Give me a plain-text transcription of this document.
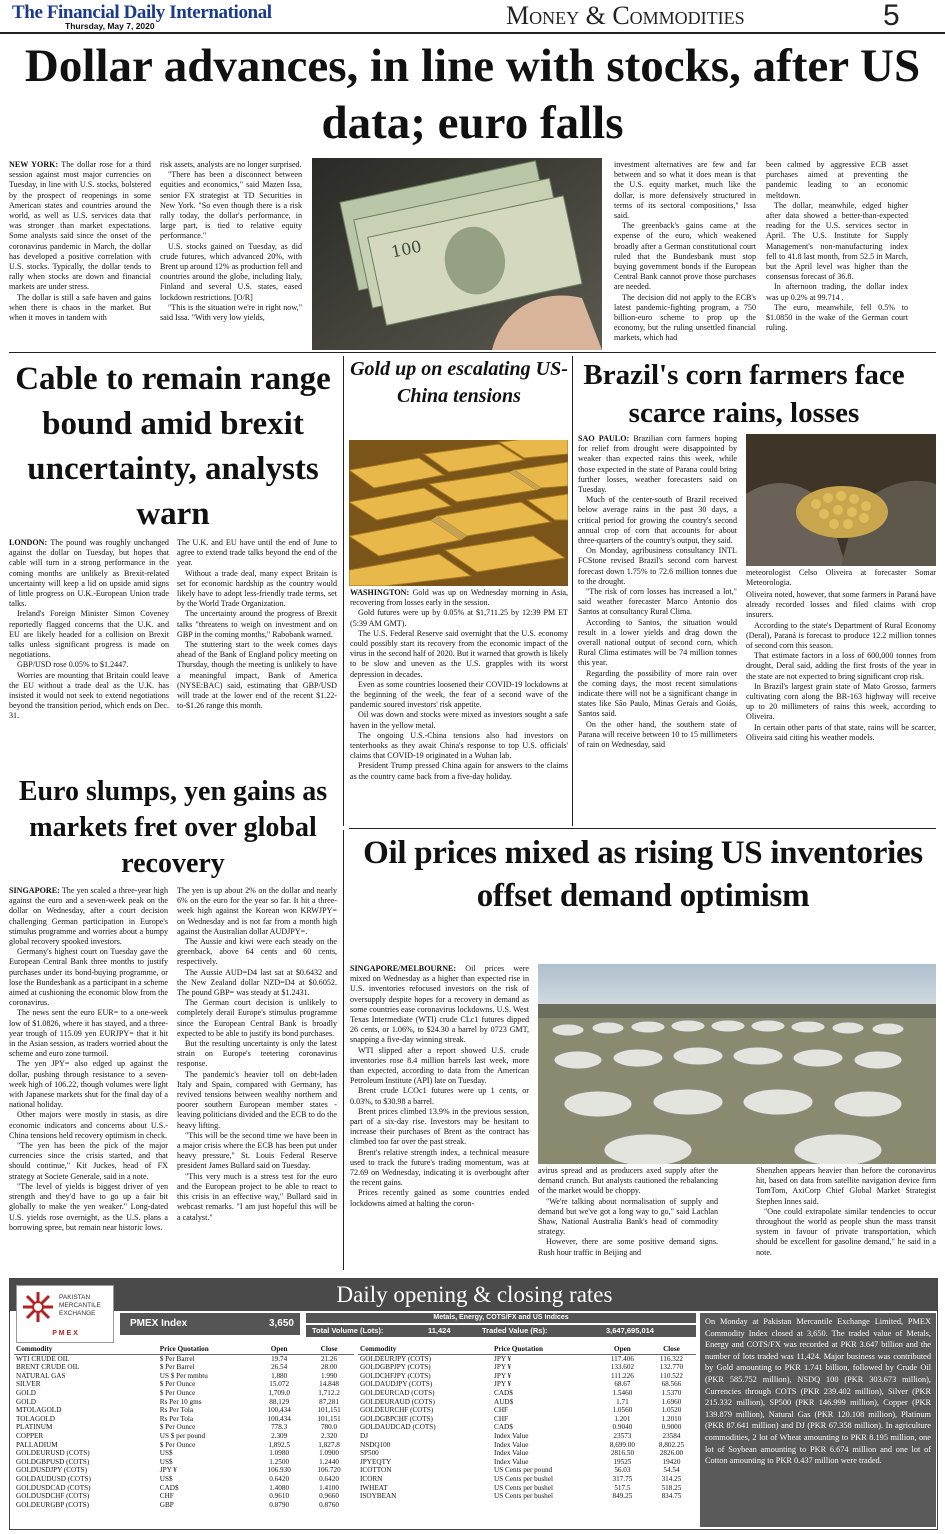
The Financial Daily International
Thursday, May 7, 2020	Money & Commodities	5
Dollar advances, in line with stocks, after US data; euro falls

NEW YORK: The dollar rose for a third session against most major currencies on Tuesday, in line with U.S. stocks, bolstered by the prospect of reopenings in some American states and countries around the world, as well as U.S. services data that was stronger than market expectations. Some analysts said since the onset of the coronavirus pandemic in March, the dollar has developed a positive correlation with U.S. stocks. Typically, the dollar tends to rally when stocks are down and financial markets are under stress.

The dollar is still a safe haven and gains when there is chaos in the market. But when it moves in tandem with

risk assets, analysts are no longer surprised.

"There has been a disconnect between equities and economics," said Mazen Issa, senior FX strategist at TD Securities in New York. "So even though there is a risk rally today, the dollar's performance, in large part, is tied to relative equity performance."

U.S. stocks gained on Tuesday, as did crude futures, which advanced 20%, with Brent up around 12% as production fell and countries around the globe, including Italy, Finland and several U.S. states, eased lockdown restrictions. [O/R]

"This is the situation we're in right now," said Issa. "With very low yields,

100

investment alternatives are few and far between and so what it does mean is that the U.S. equity market, much like the dollar, is more defensively structured in terms of its sectoral compositions," Issa said.

The greenback's gains came at the expense of the euro, which weakened broadly after a German constitutional court ruled that the Bundesbank must stop buying government bonds if the European Central Bank cannot prove those purchases are needed.

The decision did not apply to the ECB's latest pandemic-fighting program, a 750 billion-euro scheme to prop up the economy, but the ruling unsettled financial markets, which had

been calmed by aggressive ECB asset purchases aimed at preventing the pandemic leading to an economic meltdown.

The dollar, meanwhile, edged higher after data showed a better-than-expected reading for the U.S. services sector in April. The U.S. Institute for Supply Management's non-manufacturing index fell to 41.8 last month, from 52.5 in March, but the April level was higher than the consensus forecast of 36.8.

In afternoon trading, the dollar index was up 0.2% at 99.714 .

The euro, meanwhile, fell 0.5% to $1.0850 in the wake of the German court ruling.

Cable to remain range bound amid brexit uncertainty, analysts warn

LONDON: The pound was roughly unchanged against the dollar on Tuesday, but hopes that cable will turn in a strong performance in the coming months are unlikely as Brexit-related uncertainty will keep a lid on upside amid signs of little progress on U.K.-European Union trade talks.

Ireland's Foreign Minister Simon Coveney reportedly flagged concerns that the U.K. and EU are likely headed for a collision on Brexit talks unless significant progress is made on negotiations.

GBP/USD rose 0.05% to $1.2447.

Worries are mounting that Britain could leave the EU without a trade deal as the U.K. has insisted it would not seek to extend negotiations beyond the transition period, which ends on Dec. 31.

The U.K. and EU have until the end of June to agree to extend trade talks beyond the end of the year.

Without a trade deal, many expect Britain is set for economic hardship as the country would likely have to adopt less-friendly trade terms, set by the World Trade Organization.

The uncertainty around the progress of Brexit talks "threatens to weigh on investment and on GBP in the coming months," Rabobank warned.

The stuttering start to the week comes days ahead of the Bank of England policy meeting on Thursday, though the meeting is unlikely to have a meaningful impact, Bank of America (NYSE:BAC) said, estimating that GBP/USD will trade at the lower end of the recent $1.22-to-$1.26 range this month.

Gold up on escalating US-China tensions

WASHINGTON: Gold was up on Wednesday morning in Asia, recovering from losses early in the session.

Gold futures were up by 0.05% at $1,711.25 by 12:39 PM ET (5:39 AM GMT).

The U.S. Federal Reserve said overnight that the U.S. economy could possibly start its recovery from the economic impact of the virus in the second half of 2020. But it warned that growth is likely to be slow and uneven as the U.S. grapples with its worst depression in decades.

Even as some countries loosened their COVID-19 lockdowns at the beginning of the week, the fear of a second wave of the pandemic soured investors' risk appetite.

Oil was down and stocks were mixed as investors sought a safe haven in the yellow metal.

The ongoing U.S.-China tensions also had investors on tenterhooks as they await China's response to top U.S. officials' claims that COVID-19 originated in a Wuhan lab.

President Trump pressed China again for answers to the claims as the country came back from a five-day holiday.

Brazil's corn farmers face scarce rains, losses

SAO PAULO: Brazilian corn farmers hoping for relief from drought were disappointed by weaker than expected rains this week, while those expected in the state of Parana could bring further losses, weather forecasters said on Tuesday.

Much of the center-south of Brazil received below average rains in the past 30 days, a critical period for growing the country's second annual crop of corn that accounts for about three-quarters of the country's output, they said.

On Monday, agribusiness consultancy INTL FCStone revised Brazil's second corn harvest forecast down 1.75% to 72.6 million tonnes due to the drought.

"The risk of corn losses has increased a lot," said weather forecaster Marco Antonio dos Santos at consultancy Rural Clima.

According to Santos, the situation would result in a lower yields and drag down the overall national output of second corn, which Rural Clima estimates will be 74 million tonnes this year.

Regarding the possibility of more rain over the coming days, the most recent simulations indicate there will not be a significant change in states like São Paulo, Minas Gerais and Goiás, Santos said.

On the other hand, the southern state of Parana will receive between 10 to 15 millimeters of rain on Wednesday, said

meteorologist Celso Oliveira at forecaster Somar Meteorologia.

Oliveira noted, however, that some farmers in Paraná have already recorded losses and filed claims with crop insurers.

According to the state's Department of Rural Economy (Deral), Paraná is forecast to produce 12.2 million tonnes of second corn this season.

That estimate factors in a loss of 600,000 tonnes from drought, Deral said, adding the first frosts of the year in the state are not expected to bring significant crop risk.

In Brazil's largest grain state of Mato Grosso, farmers cultivating corn along the BR-163 highway will receive up to 20 millimeters of rains this week, according to Oliveira.

In certain other parts of that state, rains will be scarcer, Oliveira said citing his weather models.

Euro slumps, yen gains as markets fret over global recovery

SINGAPORE: The yen scaled a three-year high against the euro and a seven-week peak on the dollar on Wednesday, after a court decision challenging German participation in Europe's stimulus programme and worries about a bumpy global recovery spooked investors.

Germany's highest court on Tuesday gave the European Central Bank three months to justify purchases under its bond-buying programme, or lose the Bundesbank as a participant in a scheme aimed at cushioning the economic blow from the coronavirus.

The news sent the euro EUR= to a one-week low of $1.0826, where it has stayed, and a three-year trough of 115.09 yen EURJPY= that it hit in the Asian session, as traders worried about the scheme and euro zone turmoil.

The yen JPY= also edged up against the dollar, pushing through resistance to a seven-week high of 106.22, though volumes were light with Japanese markets shut for the final day of a national holiday.

Other majors were mostly in stasis, as dire economic indicators and concerns about U.S.-China tensions held recovery optimism in check.

"The yen has been the pick of the major currencies since the crisis started, and that should continue," Kit Juckes, head of FX strategy at Societe Generale, said in a note.

"The level of yields is biggest driver of yen strength and they'd have to go up a fair bit globally to make the yen weaker." Long-dated U.S. yields rose overnight, as the U.S. plans a borrowing spree, but remain near historic lows.

The yen is up about 2% on the dollar and nearly 6% on the euro for the year so far. It hit a three-week high against the Korean won KRWJPY= on Wednesday and is not far from a month high against the Australian dollar AUDJPY=.

The Aussie and kiwi were each steady on the greenback, above 64 cents and 60 cents, respectively.

The Aussie AUD=D4 last sat at $0.6432 and the New Zealand dollar NZD=D4 at $0.6052. The pound GBP= was steady at $1.2431.

The German court decision is unlikely to completely derail Europe's stimulus programme since the European Central Bank is broadly expected to be able to justify its bond purchases.

But the resulting uncertainty is only the latest strain on Europe's teetering coronavirus response.

The pandemic's heavier toll on debt-laden Italy and Spain, compared with Germany, has revived tensions between wealthy northern and poorer southern European member states - leaving politicians divided and the ECB to do the heavy lifting.

"This will be the second time we have been in a major crisis where the ECB has been put under heavy pressure," St. Louis Federal Reserve president James Bullard said on Tuesday.

"This very much is a stress test for the euro and the European project to be able to react to this crisis in an effective way," Bullard said in webcast remarks. "I am just hopeful this will be a catalyst."

Oil prices mixed as rising US inventories offset demand optimism

SINGAPORE/MELBOURNE: Oil prices were mixed on Wednesday as a higher than expected rise in U.S. inventories refocused investors on the risk of oversupply despite hopes for a recovery in demand as some countries ease coronavirus lockdowns. U.S. West Texas Intermediate (WTI) crude CLc1 futures dipped 26 cents, or 1.06%, to $24.30 a barrel by 0723 GMT, snapping a five-day winning streak.

WTI slipped after a report showed U.S. crude inventories rose 8.4 million barrels last week, more than expected, according to data from the American Petroleum Institute (API) late on Tuesday.

Brent crude LCOc1 futures were up 1 cents, or 0.03%, to $30.98 a barrel.

Brent prices climbed 13.9% in the previous session, part of a six-day rise. Investors may be hesitant to increase their purchases of Brent as the contract has climbed too far over the past streak.

Brent's relative strength index, a technical measure used to track the future's trading momentum, was at 72.69 on Wednesday, indicating it is overbought after the recent gains.

Prices recently gained as some countries ended lockdowns aimed at halting the coron-

avirus spread and as producers axed supply after the demand crunch. But analysts cautioned the rebalancing of the market would be choppy.

"We're talking about normalisation of supply and demand but we've got a long way to go," said Lachlan Shaw, National Australia Bank's head of commodity strategy.

However, there are some positive demand signs. Rush hour traffic in Beijing and

Shenzhen appears heavier than before the coronavirus hit, based on data from satellite navigation device firm TomTom, AxiCorp Chief Global Market Strategist Stephen Innes said.

"One could extrapolate similar tendencies to occur throughout the world as people shun the mass transit system in favour of private transportation, which should be excellent for gasoline demand," he said in a note.

Daily opening & closing rates
PAKISTAN
MERCANTILE
EXCHANGE
P M E X
PMEX Index	3,650
Metals, Energy, COTS/FX and US Indices
Total Volume (Lots):	11,424	Traded Value (Rs):	3,647,695,014
Commodity	Price Quotation	Open	Close
WTI CRUDE OIL	$ Per Barrel	19.74	21.26
BRENT CRUDE OIL	$ Per Barrel	26.54	28.00
NATURAL GAS	US $ Per mmbtu	1.880	1.990
SILVER	$ Per Ounce	15.072	14.848
GOLD	$ Per Ounce	1,709.0	1,712.2
GOLD	Rs Per 10 gms	88,129	87,281
MTOLAGOLD	Rs Per Tola	100,434	101,151
TOLAGOLD	Rs Per Tola	100,434	101,151
PLATINUM	$ Per Ounce	778.3	780.0
COPPER	US $ per pound	2.309	2.320
PALLADIUM	$ Per Ounce	1,892.5	1,827.8
GOLDEURUSD (COTS)	US$	1.0980	1.0900
GOLDGBPUSD (COTS)	US$	1.2500	1.2440
GOLDUSDJPY (COTS)	JPY ¥	106.930	106.720
GOLDAUDUSD (COTS)	US$	0.6420	0.6420
GOLDUSDCAD (COTS)	CAD$	1.4080	1.4100
GOLDUSDCHF (COTS)	CHF	0.9610	0.9660
GOLDEURGBP (COTS)	GBP	0.8790	0.8760
Commodity	Price Quotation	Open	Close
GOLDEURJPY (COTS)	JPY ¥	117.406	116.322
GOLDGBPJPY (COTS)	JPY ¥	133.602	132.770
GOLDCHFJPY (COTS)	JPY ¥	111.226	110.522
GOLDAUDJPY (COTS)	JPY ¥	68.67	68.566
GOLDEURCAD (COTS)	CAD$	1.5460	1.5370
GOLDEURAUD (COTS)	AUD$	1.71	1.6960
GOLDEURCHF (COTS)	CHF	1.0560	1.0520
GOLDGBPCHF (COTS)	CHF	1.201	1.2010
GOLDAUDCAD (COTS)	CAD$	0.9040	0.9000
DJ	Index Value	23573	23584
NSDQ100	Index Value	8,699.00	8,802.25
SP500	Index Value	2816.50	2826.00
JPYEQTY	Index Value	19525	19420
ICOTTON	US Cents per pound	56.03	54.54
ICORN	US Cents per bushel	317.75	314.25
IWHEAT	US Cents per bushel	517.5	518.25
ISOYBEAN	US Cents per bushel	849.25	834.75
On Monday at Pakistan Mercantile Exchange Limited, PMEX Commodity Index closed at 3,650. The traded value of Metals, Energy and COTS/FX was recorded at PKR 3.647 billion and the number of lots traded was 11,424. Major business was contributed by Gold amounting to PKR 1.741 billion, followed by Crude Oil (PKR 585.752 million), NSDQ 100 (PKR 303.673 million), Currencies through COTS (PKR 239.402 million), Silver (PKR 215.332 million), SP500 (PKR 146.999 million), Copper (PKR 139.879 million), Natural Gas (PKR 120.108 million), Platinum (PKR 87.641 million) and DJ (PKR 67.358 million). In agriculture commodities, 2 lot of Wheat amounting to PKR 8.195 million, one lot of Soybean amounting to PKR 6.674 million and one lot of Cotton amounting to PKR 0.437 million were traded.
